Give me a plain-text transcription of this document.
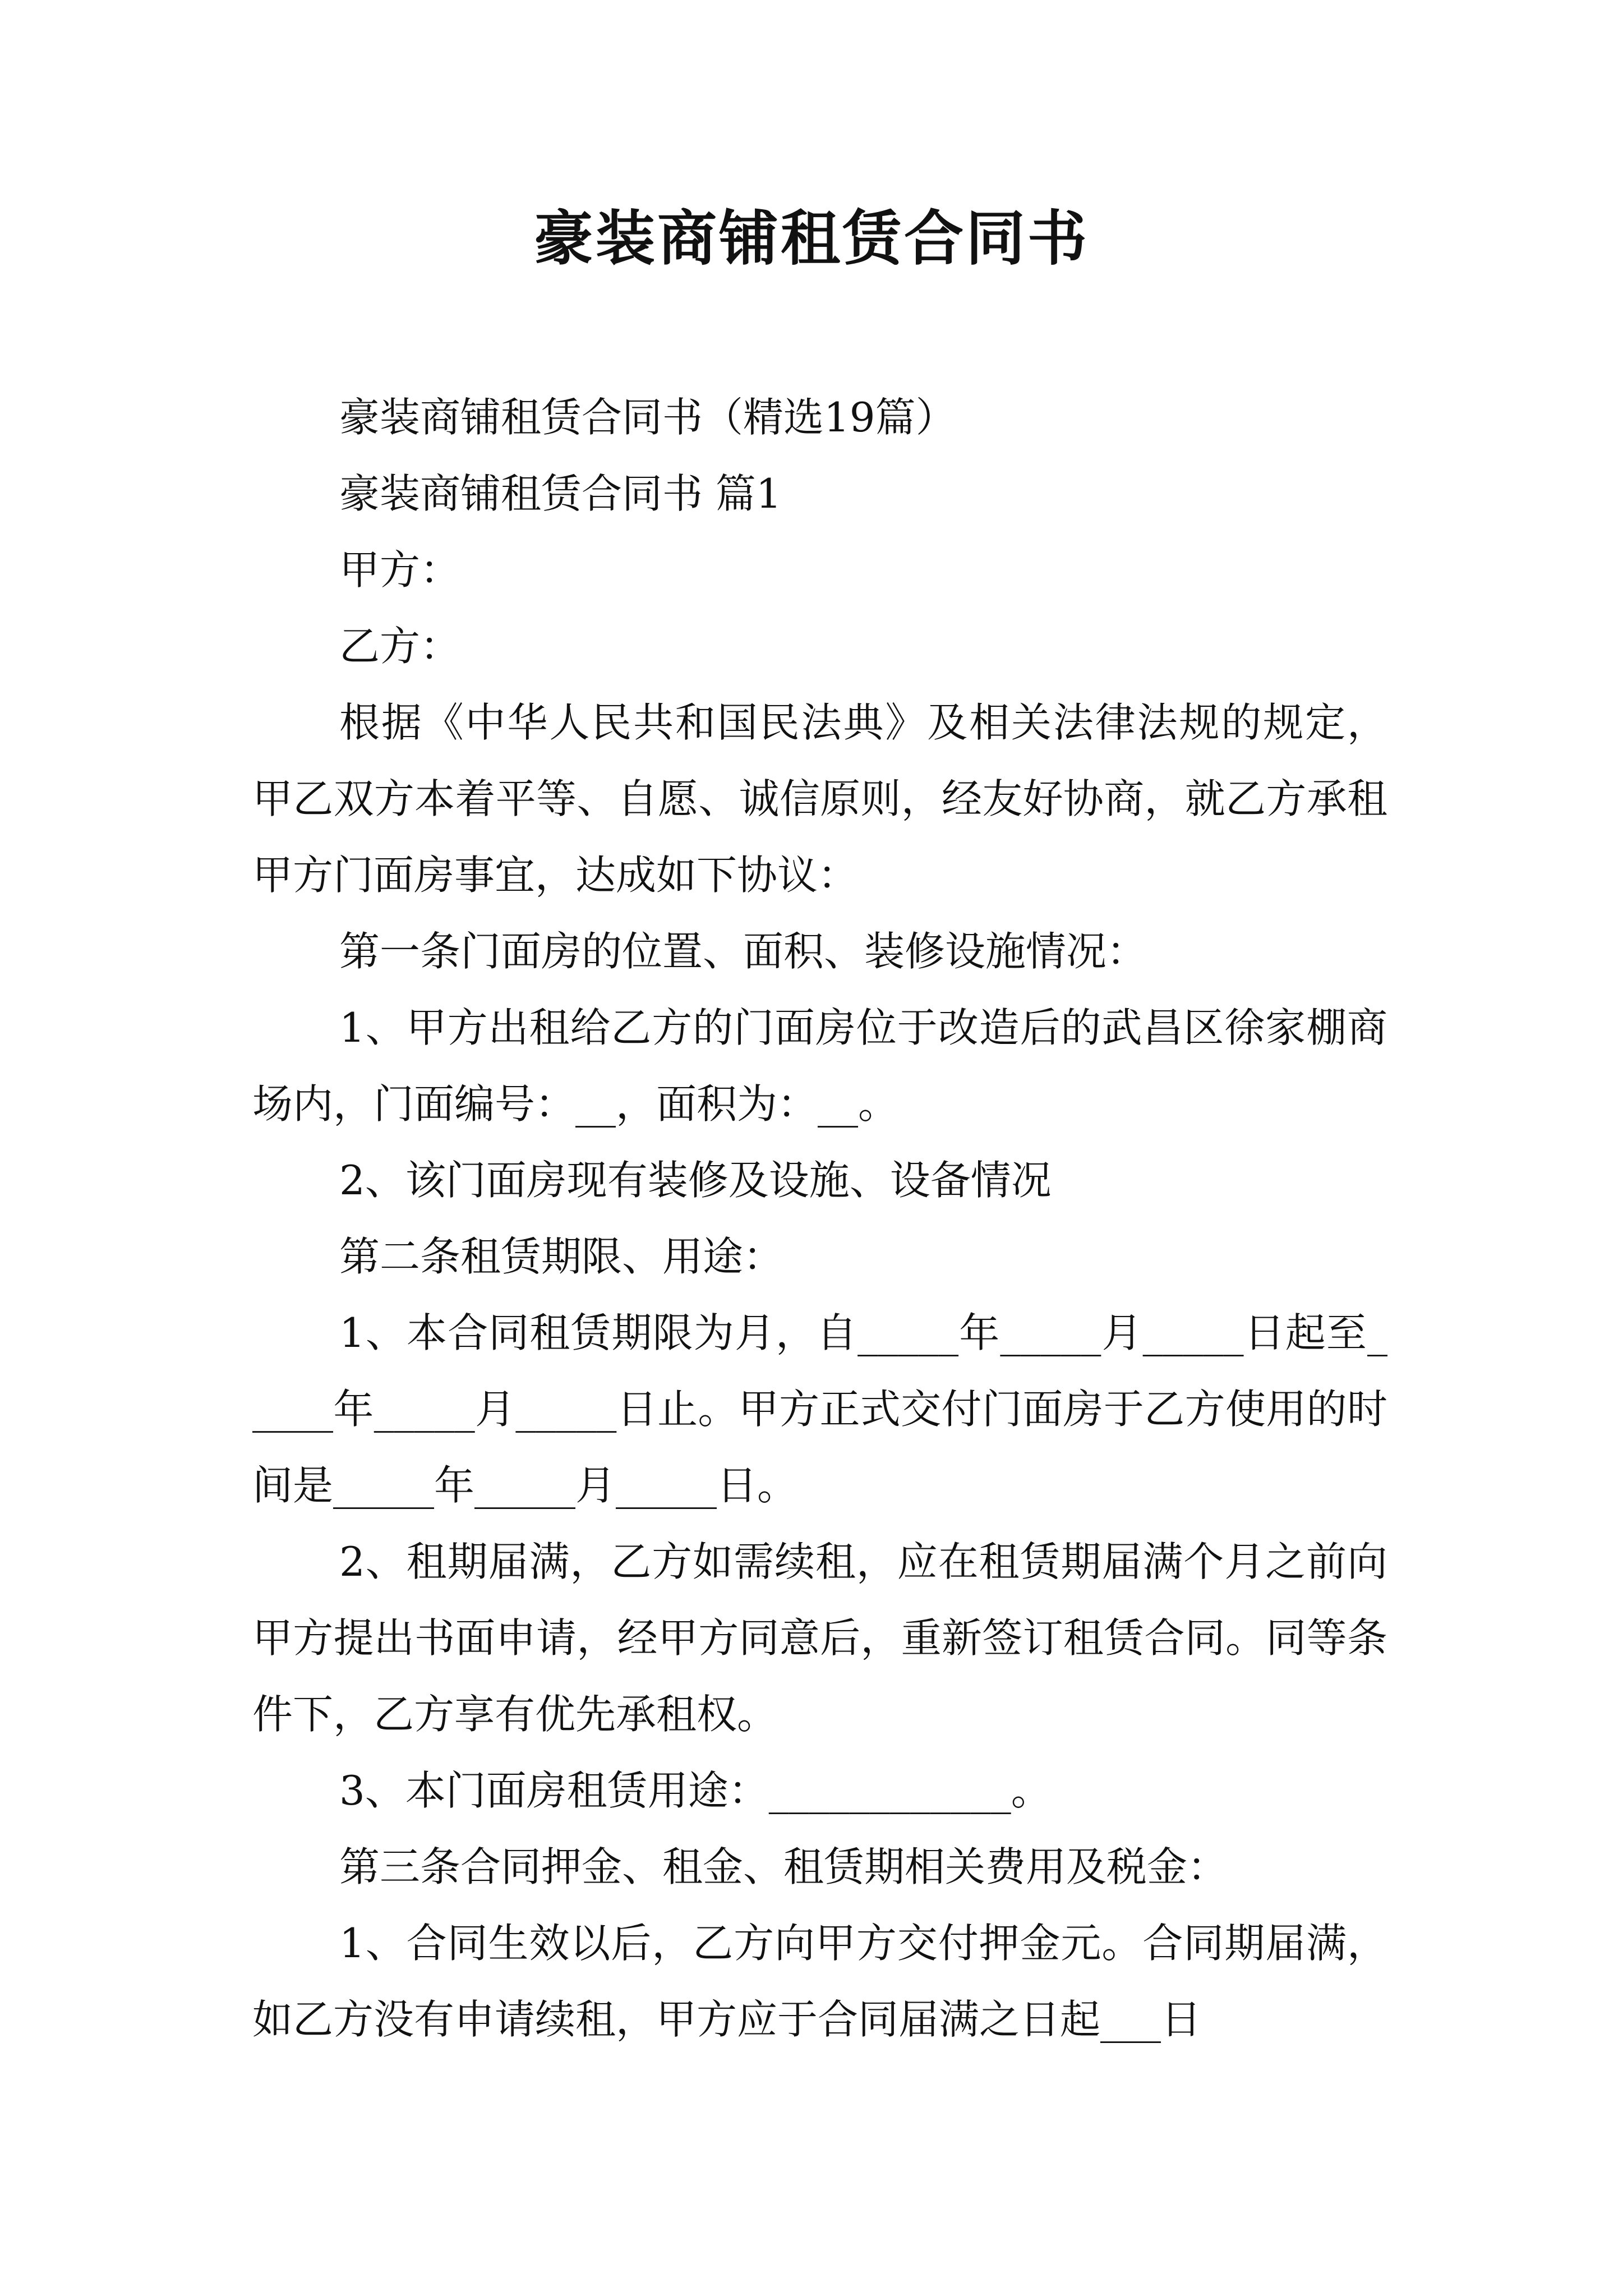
豪装商铺租赁合同书

豪装商铺租赁合同书（精选19篇）

豪装商铺租赁合同书 篇1

甲方：

乙方：

根据《中华人民共和国民法典》及相关法律法规的规定，甲乙双方本着平等、自愿、诚信原则，经友好协商，就乙方承租甲方门面房事宜，达成如下协议：

第一条门面房的位置、面积、装修设施情况：

1、甲方出租给乙方的门面房位于改造后的武昌区徐家棚商场内，门面编号：__，面积为：__。

2、该门面房现有装修及设施、设备情况

第二条租赁期限、用途：

1、本合同租赁期限为月，自_____年_____月_____日起至_____年_____月_____日止。甲方正式交付门面房于乙方使用的时间是_____年_____月_____日。

2、租期届满，乙方如需续租，应在租赁期届满个月之前向甲方提出书面申请，经甲方同意后，重新签订租赁合同。同等条件下，乙方享有优先承租权。

3、本门面房租赁用途：____________。

第三条合同押金、租金、租赁期相关费用及税金：

1、合同生效以后，乙方向甲方交付押金元。合同期届满，如乙方没有申请续租，甲方应于合同届满之日起___日
